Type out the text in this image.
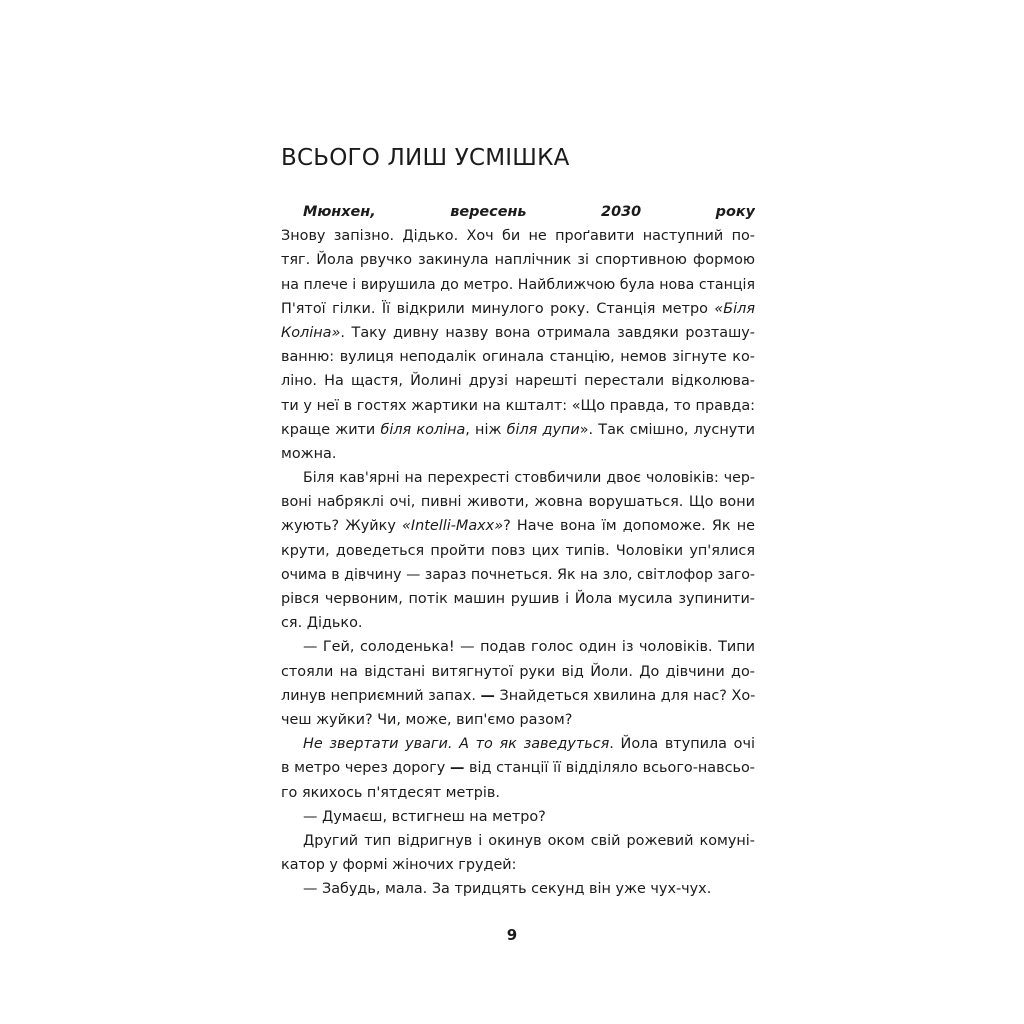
ВСЬОГО ЛИШ УСМІШКА
Мюнхен, вересень 2030 року
Знову запізно. Дідько. Хоч би не проґавити наступний по-
тяг. Йола рвучко закинула наплічник зі спортивною формою
на плече і вирушила до метро. Найближчою була нова станція
П'ятої гілки. Її відкрили минулого року. Станція метро «Біля
Коліна». Таку дивну назву вона отримала завдяки розташу-
ванню: вулиця неподалік огинала станцію, немов зігнуте ко-
ліно. На щастя, Йолині друзі нарешті перестали відколюва-
ти у неї в гостях жартики на кшталт: «Що правда, то правда:
краще жити біля коліна, ніж біля дупи». Так смішно, луснути
можна.
Біля кав'ярні на перехресті стовбичили двоє чоловіків: чер-
воні набряклі очі, пивні животи, жовна ворушаться. Що вони
жують? Жуйку «Intelli-Maxx»? Наче вона їм допоможе. Як не
крути, доведеться пройти повз цих типів. Чоловіки уп'ялися
очима в дівчину — зараз почнеться. Як на зло, світлофор заго-
рівся червоним, потік машин рушив і Йола мусила зупинити-
ся. Дідько.
— Гей, солоденька! — подав голос один із чоловіків. Типи
стояли на відстані витягнутої руки від Йоли. До дівчини до-
линув неприємний запах. — Знайдеться хвилина для нас? Хо-
чеш жуйки? Чи, може, вип'ємо разом?
Не звертати уваги. А то як заведуться. Йола втупила очі
в метро через дорогу — від станції її відділяло всього-навсьо-
го якихось п'ятдесят метрів.
— Думаєш, встигнеш на метро?
Другий тип відригнув і окинув оком свій рожевий комуні-
катор у формі жіночих грудей:
— Забудь, мала. За тридцять секунд він уже чух-чух.
9
